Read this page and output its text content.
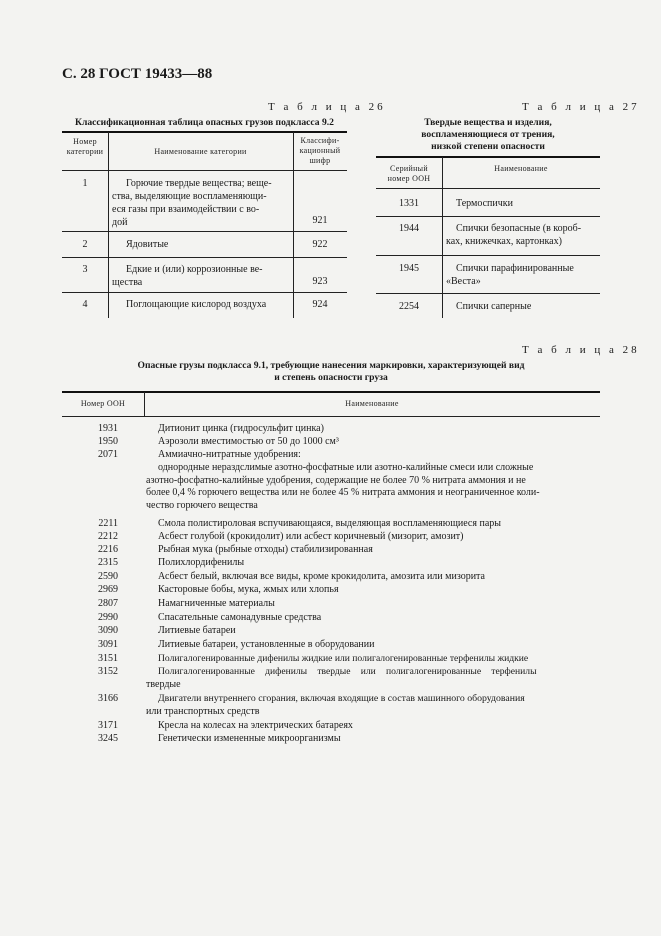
С. 28 ГОСТ 19433—88
Т а б л и ц а 26
Классификационная таблица опасных грузов подкласса 9.2
Номер
категории	Наименование категории
Классифи-
кационный
шифр
1	Горючие твердые вещества; веще-
ства, выделяющие воспламеняющи-
еся газы при взаимодействии с во-
дой	921
2	Ядовитые	922
3	Едкие и (или) коррозионные ве-
щества	923
4	Поглощающие кислород воздуха	924
Т а б л и ц а 27
Твердые вещества и изделия,
воспламеняющиеся от трения,
низкой степени опасности
Серийный
номер ООН
Наименование
1331	Термоспички
1944	Спички безопасные (в короб-
ках, книжечках, картонках)
1945	Спички парафинированные
«Веста»
2254	Спички саперные
Т а б л и ц а 28
Опасные грузы подкласса 9.1, требующие нанесения маркировки, характеризующей вид
и степень опасности груза
Номер ООН	Наименование
1931	Дитионит цинка (гидросульфит цинка)
1950	Аэрозоли вместимостью от 50 до 1000 см³
2071	Аммиачно-нитратные удобрения:
однородные нераздслимые азотно-фосфатные или азотно-калийные смеси или сложные
азотно-фосфатно-калийные удобрения, содержащие не более 70 % нитрата аммония и не
более 0,4 % горючего вещества или не более 45 % нитрата аммония и неограниченное коли-
чество горючего вещества
2211	Смола полистироловая вспучивающаяся, выделяющая воспламеняющиеся пары
2212	Асбест голубой (крокидолит) или асбест коричневый (мизорит, амозит)
2216	Рыбная мука (рыбные отходы) стабилизированная
2315	Полихлордифенилы
2590	Асбест белый, включая все виды, кроме крокидолита, амозита или мизорита
2969	Касторовые бобы, мука, жмых или хлопья
2807	Намагниченные материалы
2990	Спасательные самонадувные средства
3090	Литиевые батареи
3091	Литиевые батареи, установленные в оборудовании
3151	Полигалогенированные дифенилы жидкие или полигалогенированные терфенилы жидкие
3152	Полигалогенированные   дифенилы   твердые   или   полигалогенированные   терфенилы
твердые
3166	Двигатели внутреннего сгорания, включая входящие в состав машинного оборудования
или транспортных средств
3171	Кресла на колесах на электрических батареях
3245	Генетически измененные микроорганизмы
